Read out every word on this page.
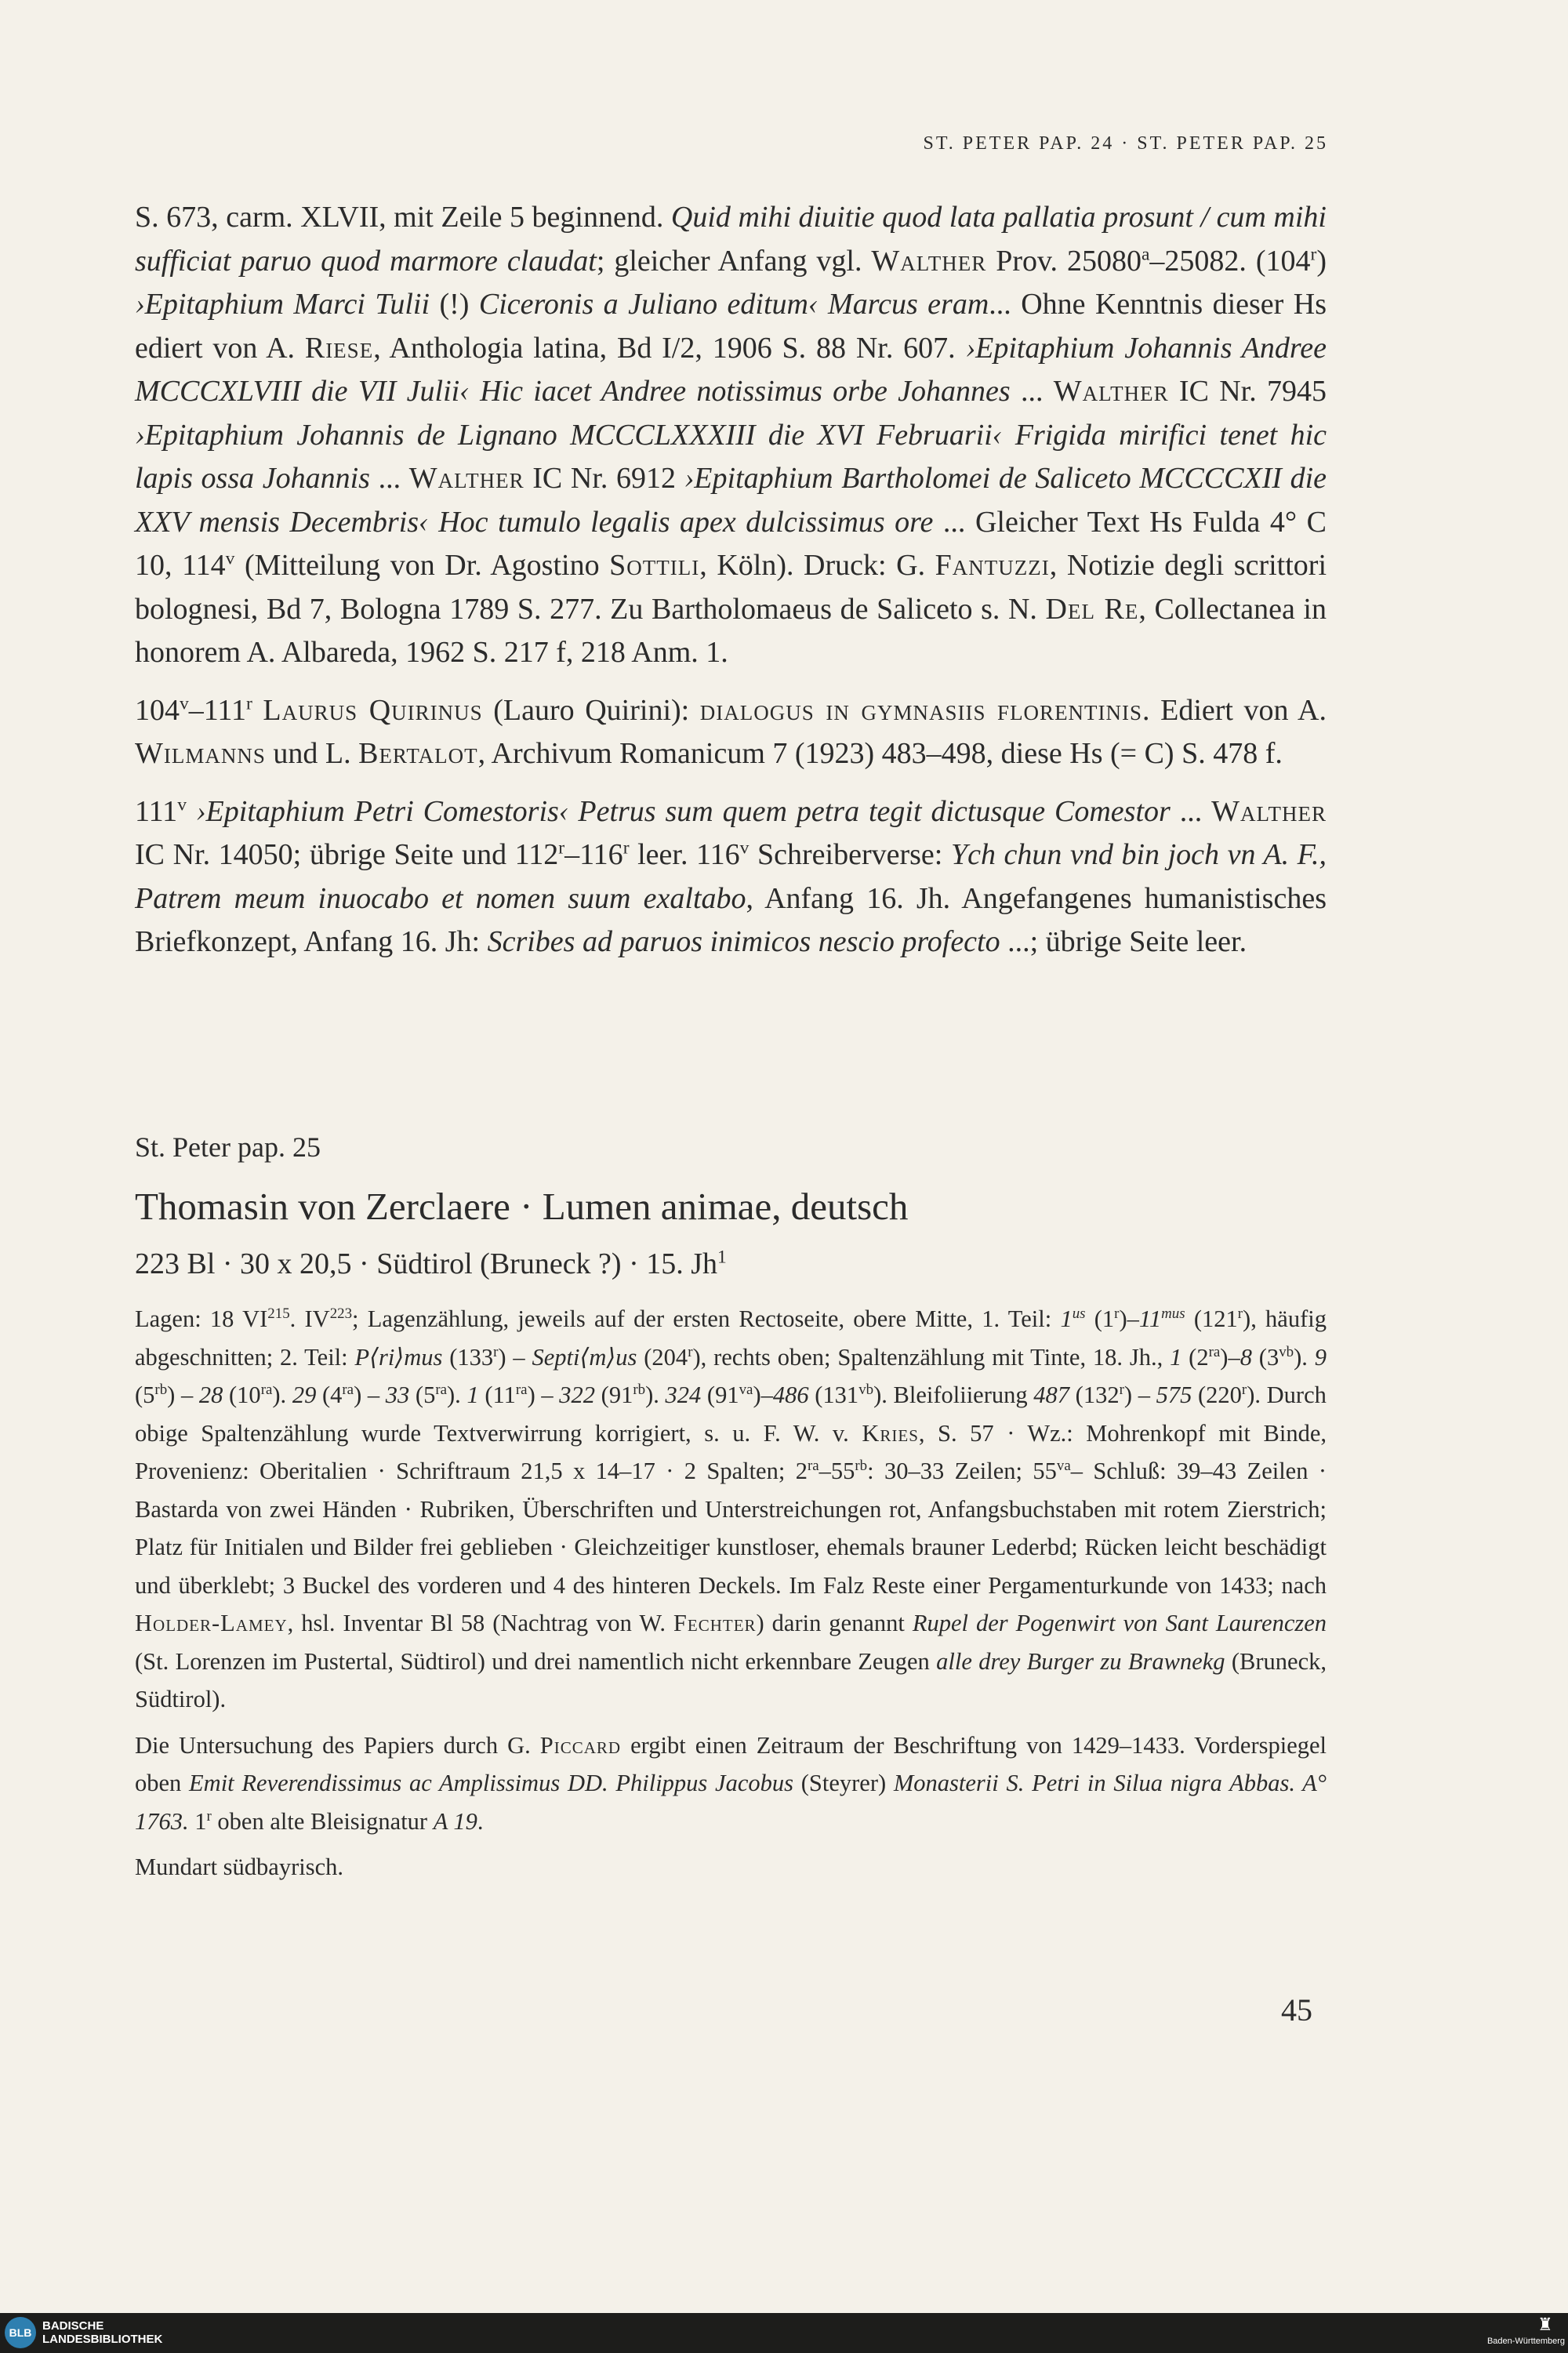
ST. PETER PAP. 24 · ST. PETER PAP. 25

S. 673, carm. XLVII, mit Zeile 5 beginnend. Quid mihi diuitie quod lata pallatia prosunt / cum mihi sufficiat paruo quod marmore claudat; gleicher Anfang vgl. Walther Prov. 25080$^a$–25082. (104$^r$) ›Epitaphium Marci Tulii (!) Ciceronis a Juliano editum‹ Marcus eram... Ohne Kenntnis dieser Hs ediert von A. Riese, Anthologia latina, Bd I/2, 1906 S. 88 Nr. 607. ›Epitaphium Johannis Andree MCCCXLVIII die VII Julii‹ Hic iacet Andree notissimus orbe Johannes ... Walther IC Nr. 7945 ›Epitaphium Johannis de Lignano MCCCLXXXIII die XVI Februarii‹ Frigida mirifici tenet hic lapis ossa Johannis ... Walther IC Nr. 6912 ›Epitaphium Bartholomei de Saliceto MCCCCXII die XXV mensis Decembris‹ Hoc tumulo legalis apex dulcissimus ore ... Gleicher Text Hs Fulda 4° C 10, 114$^v$ (Mitteilung von Dr. Agostino Sottili, Köln). Druck: G. Fantuzzi, Notizie degli scrittori bolognesi, Bd 7, Bologna 1789 S. 277. Zu Bartholomaeus de Saliceto s. N. Del Re, Collectanea in honorem A. Albareda, 1962 S. 217 f, 218 Anm. 1.

104$^v$–111$^r$ Laurus Quirinus (Lauro Quirini): dialogus in gymnasiis florentinis. Ediert von A. Wilmanns und L. Bertalot, Archivum Romanicum 7 (1923) 483–498, diese Hs (= C) S. 478 f.

111$^v$ ›Epitaphium Petri Comestoris‹ Petrus sum quem petra tegit dictusque Comestor ... Walther IC Nr. 14050; übrige Seite und 112$^r$–116$^r$ leer. 116$^v$ Schreiberverse: Ych chun vnd bin joch vn A. F., Patrem meum inuocabo et nomen suum exaltabo, Anfang 16. Jh. Angefangenes humanistisches Briefkonzept, Anfang 16. Jh: Scribes ad paruos inimicos nescio profecto ...; übrige Seite leer.

St. Peter pap. 25
Thomasin von Zerclaere · Lumen animae, deutsch
223 Bl · 30 x 20,5 · Südtirol (Bruneck ?) · 15. Jh$^1$

Lagen: 18 VI$^{215}$. IV$^{223}$; Lagenzählung, jeweils auf der ersten Rectoseite, obere Mitte, 1. Teil: $1^{us}$ $(1^r)-11^{mus}$ (121$^r$), häufig abgeschnitten; 2. Teil: P⟨ri⟩mus (133$^r$) – Septi⟨m⟩us (204$^r$), rechts oben; Spaltenzählung mit Tinte, 18. Jh., 1 $(2^{ra})-8$ $(3^{vb})$. 9 $(5^{rb}) - 28$ $(10^{ra})$. 29 $(4^{ra}) - 33$ $(5^{ra})$. 1 $(11^{ra}) - 322$ $(91^{rb})$. 324 $(91^{va})-486$ $(131^{vb})$. Bleifoliierung 487 (132$^r$) – 575 (220$^r$). Durch obige Spaltenzählung wurde Textverwirrung korrigiert, s. u. F. W. v. Kries, S. 57 · Wz.: Mohrenkopf mit Binde, Provenienz: Oberitalien · Schriftraum 21,5 x 14–17 · 2 Spalten; $2^{ra}-55^{rb}$: 30–33 Zeilen; $55^{va}-$ Schluß: 39–43 Zeilen · Bastarda von zwei Händen · Rubriken, Überschriften und Unterstreichungen rot, Anfangsbuchstaben mit rotem Zierstrich; Platz für Initialen und Bilder frei geblieben · Gleichzeitiger kunstloser, ehemals brauner Lederbd; Rücken leicht beschädigt und überklebt; 3 Buckel des vorderen und 4 des hinteren Deckels. Im Falz Reste einer Pergamenturkunde von 1433; nach Holder-Lamey, hsl. Inventar Bl 58 (Nachtrag von W. Fechter) darin genannt Rupel der Pogenwirt von Sant Laurenczen (St. Lorenzen im Pustertal, Südtirol) und drei namentlich nicht erkennbare Zeugen alle drey Burger zu Brawnekg (Bruneck, Südtirol).

Die Untersuchung des Papiers durch G. Piccard ergibt einen Zeitraum der Beschriftung von 1429–1433. Vorderspiegel oben Emit Reverendissimus ac Amplissimus DD. Philippus Jacobus (Steyrer) Monasterii S. Petri in Silua nigra Abbas. A° 1763. 1$^r$ oben alte Bleisignatur A 19.

Mundart südbayrisch.

45
BLB BADISCHE
LANDESBIBLIOTHEK
♜
Baden-Württemberg
